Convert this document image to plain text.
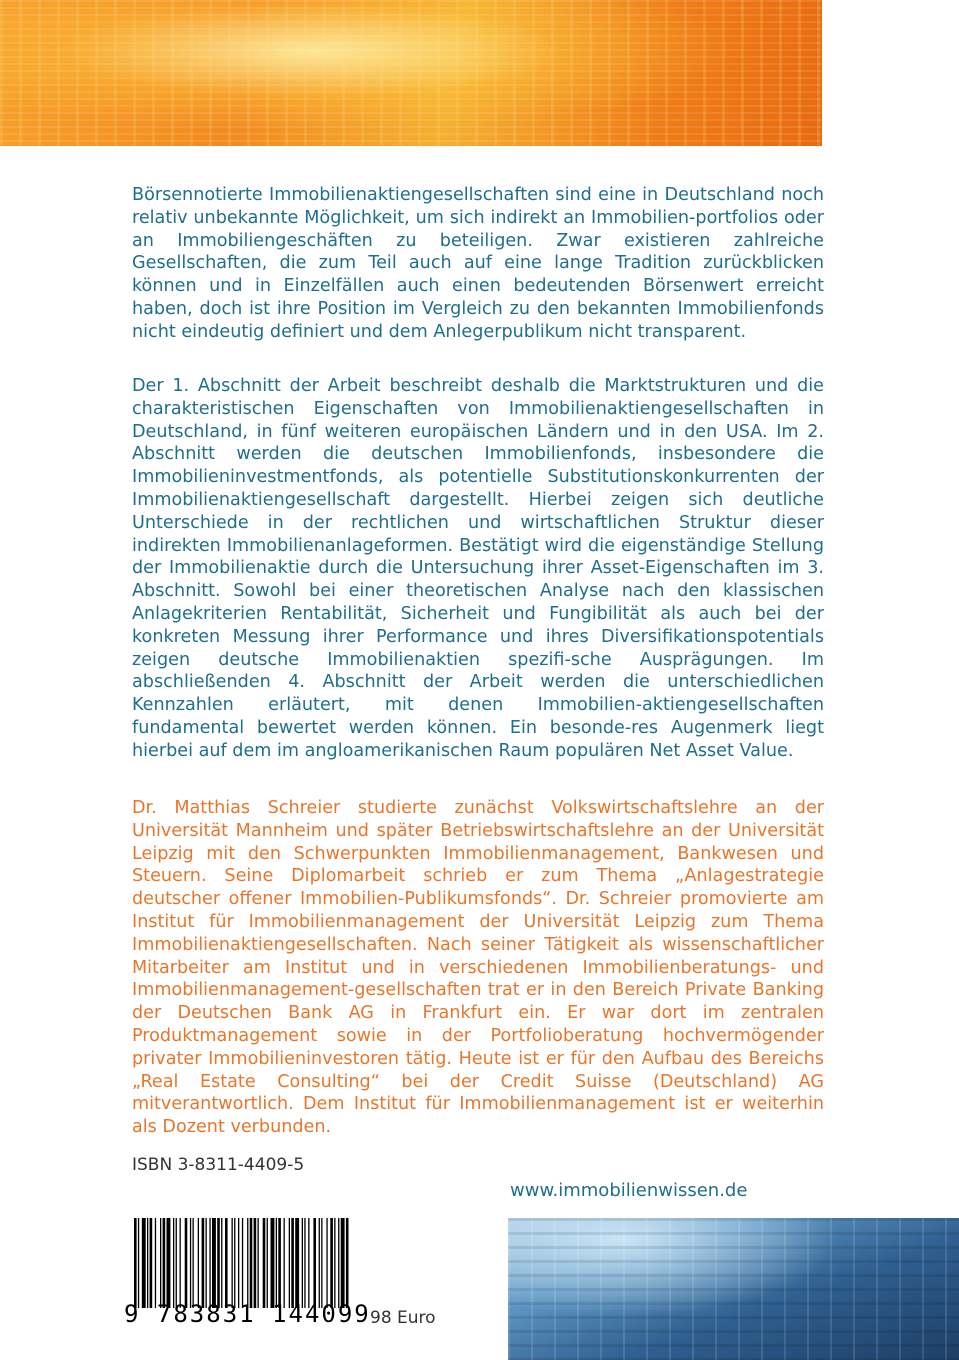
Börsennotierte Immobilienaktiengesellschaften sind eine in Deutschland noch relativ unbekannte Möglichkeit, um sich indirekt an Immobilien-portfolios oder an Immobiliengeschäften zu beteiligen. Zwar existieren zahlreiche Gesellschaften, die zum Teil auch auf eine lange Tradition zurückblicken können und in Einzelfällen auch einen bedeutenden Börsenwert erreicht haben, doch ist ihre Position im Vergleich zu den bekannten Immobilienfonds nicht eindeutig definiert und dem Anlegerpublikum nicht transparent.

Der 1. Abschnitt der Arbeit beschreibt deshalb die Marktstrukturen und die charakteristischen Eigenschaften von Immobilienaktiengesellschaften in Deutschland, in fünf weiteren europäischen Ländern und in den USA. Im 2. Abschnitt werden die deutschen Immobilienfonds, insbesondere die Immobilieninvestmentfonds, als potentielle Substitutionskonkurrenten der Immobilienaktiengesellschaft dargestellt. Hierbei zeigen sich deutliche Unterschiede in der rechtlichen und wirtschaftlichen Struktur dieser indirekten Immobilienanlageformen. Bestätigt wird die eigenständige Stellung der Immobilienaktie durch die Untersuchung ihrer Asset-Eigenschaften im 3. Abschnitt. Sowohl bei einer theoretischen Analyse nach den klassischen Anlagekriterien Rentabilität, Sicherheit und Fungibilität als auch bei der konkreten Messung ihrer Performance und ihres Diversifikationspotentials zeigen deutsche Immobilienaktien spezifi-sche Ausprägungen. Im abschließenden 4. Abschnitt der Arbeit werden die unterschiedlichen Kennzahlen erläutert, mit denen Immobilien-aktiengesellschaften fundamental bewertet werden können. Ein besonde-res Augenmerk liegt hierbei auf dem im angloamerikanischen Raum populären Net Asset Value.

Dr. Matthias Schreier studierte zunächst Volkswirtschaftslehre an der Universität Mannheim und später Betriebswirtschaftslehre an der Universität Leipzig mit den Schwerpunkten Immobilienmanagement, Bankwesen und Steuern. Seine Diplomarbeit schrieb er zum Thema „Anlagestrategie deutscher offener Immobilien-Publikumsfonds“. Dr. Schreier promovierte am Institut für Immobilienmanagement der Universität Leipzig zum Thema Immobilienaktiengesellschaften. Nach seiner Tätigkeit als wissenschaftlicher Mitarbeiter am Institut und in verschiedenen Immobilienberatungs- und Immobilienmanagement-gesellschaften trat er in den Bereich Private Banking der Deutschen Bank AG in Frankfurt ein. Er war dort im zentralen Produktmanagement sowie in der Portfolioberatung hochvermögender privater Immobilieninvestoren tätig. Heute ist er für den Aufbau des Bereichs „Real Estate Consulting“ bei der Credit Suisse (Deutschland) AG mitverantwortlich. Dem Institut für Immobilienmanagement ist er weiterhin als Dozent verbunden.

ISBN 3-8311-4409-5
www.immobilienwissen.de
9 783831 144099 98 Euro
